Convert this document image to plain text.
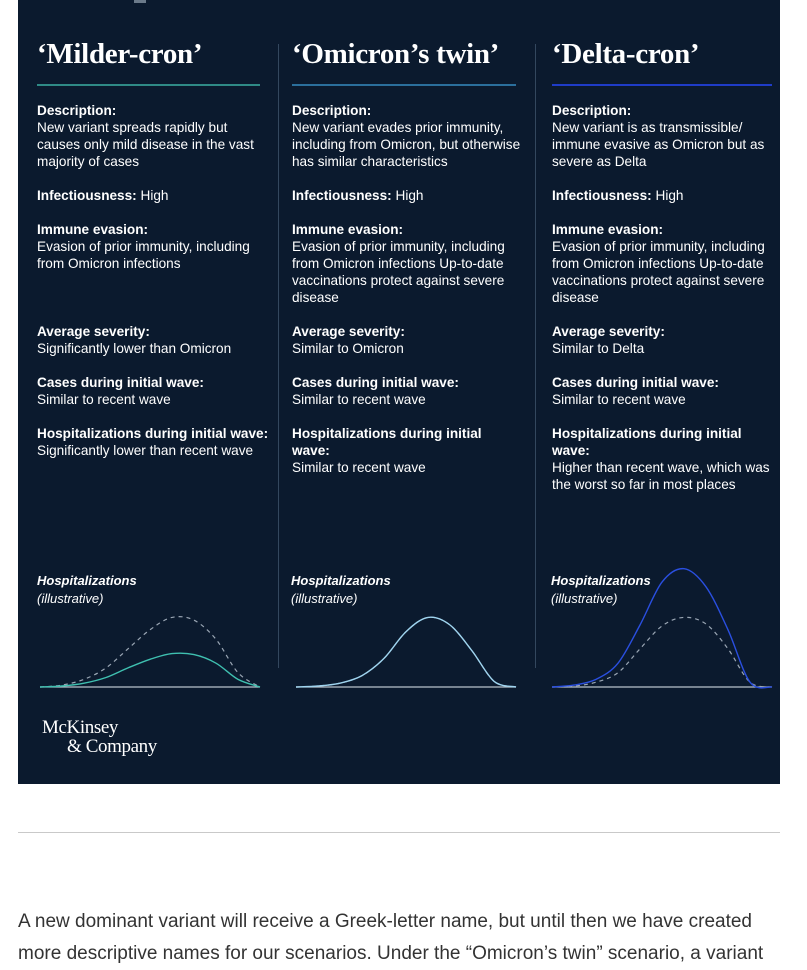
‘Milder-cron’
Description:
New variant spreads rapidly but causes only mild disease in the vast majority of cases
Infectiousness: High
Immune evasion:
Evasion of prior immunity, including from Omicron infections
Average severity:
Significantly lower than Omicron
Cases during initial wave:
Similar to recent wave
Hospitalizations during initial wave:
Significantly lower than recent wave
‘Omicron’s twin’
Description:
New variant evades prior immunity, including from Omicron, but otherwise has similar characteristics
Infectiousness: High
Immune evasion:
Evasion of prior immunity, including from Omicron infections Up-to-date vaccinations protect against severe disease
Average severity:
Similar to Omicron
Cases during initial wave:
Similar to recent wave
Hospitalizations during initial wave:
Similar to recent wave
‘Delta-cron’
Description:
New variant is as transmissible/ immune evasive as Omicron but as severe as Delta
Infectiousness: High
Immune evasion:
Evasion of prior immunity, including from Omicron infections Up-to-date vaccinations protect against severe disease
Average severity:
Similar to Delta
Cases during initial wave:
Similar to recent wave
Hospitalizations during initial wave:
Higher than recent wave, which was the worst so far in most places
Hospitalizations
(illustrative)
Hospitalizations
(illustrative)
Hospitalizations
(illustrative)
McKinsey
& Company
A new dominant variant will receive a Greek-letter name, but until then we have created more descriptive names for our scenarios. Under the “Omicron’s twin” scenario, a variant
